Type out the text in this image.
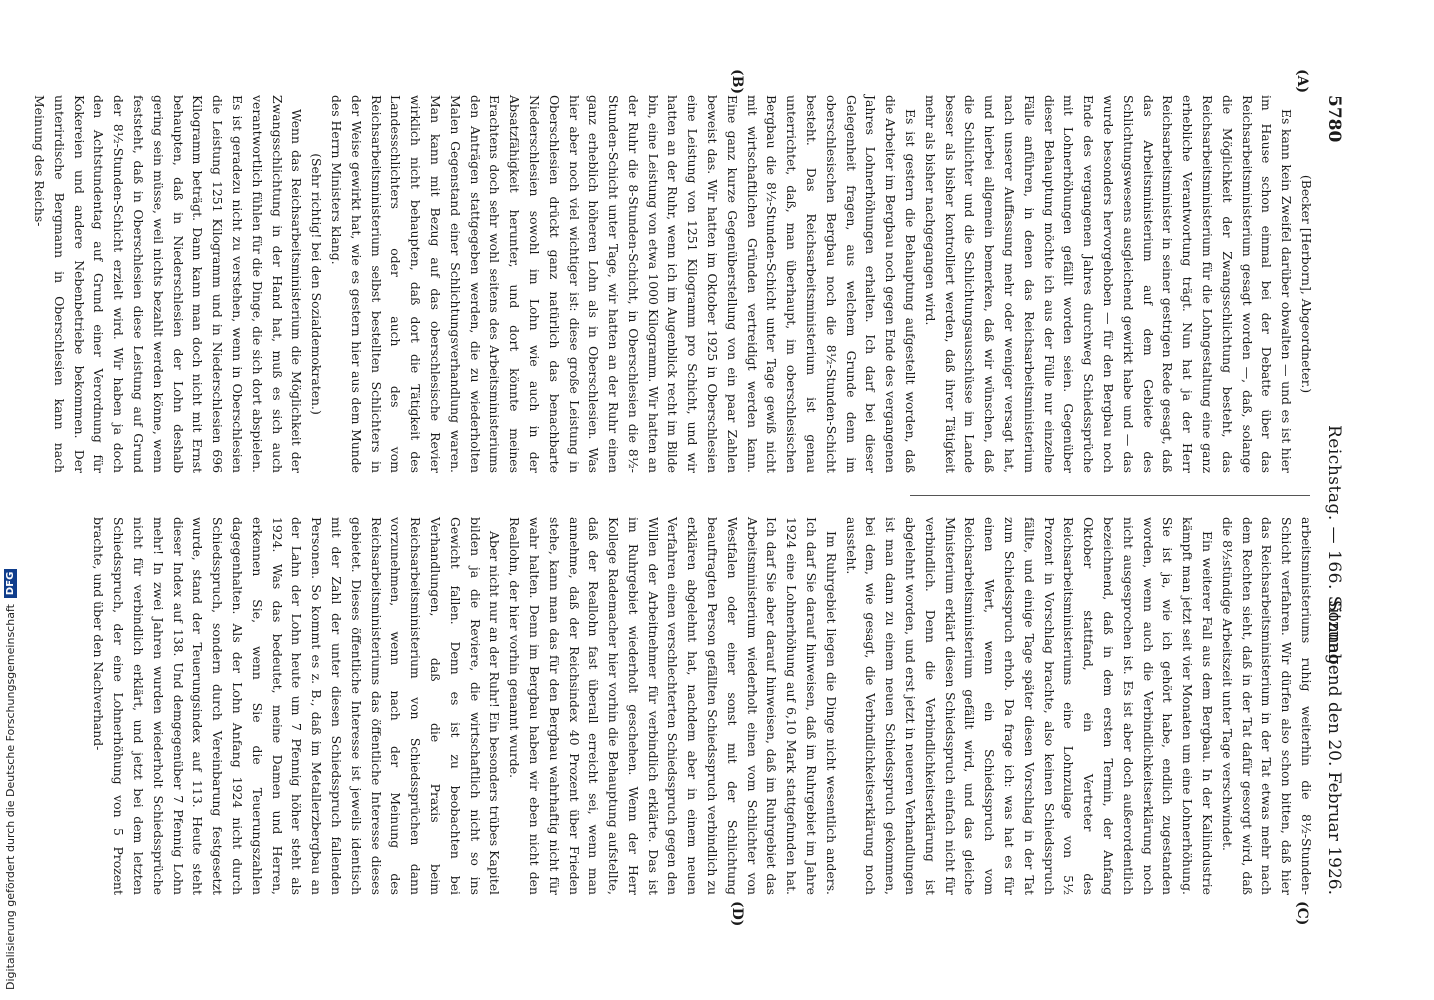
5780
Reichstag. — 166. Sitzung.
Sonnabend den 20. Februar 1926.
(A)
(B)
(C)
(D)

(Becker [Herborn], Abgeordneter.)

Es kann kein Zweifel darüber obwalten — und es ist hier im Hause schon einmal bei der Debatte über das Reichsarbeitsministerium gesagt worden —, daß, solange die Möglichkeit der Zwangsschlichtung besteht, das Reichsarbeitsministerium für die Lohngestaltung eine ganz erhebliche Verantwortung trägt. Nun hat ja der Herr Reichsarbeitsminister in seiner gestrigen Rede gesagt, daß das Arbeitsministerium auf dem Gebiete des Schlichtungswesens ausgleichend gewirkt habe und — das wurde besonders hervorgehoben — für den Bergbau noch Ende des vergangenen Jahres durchweg Schiedssprüche mit Lohnerhöhungen gefällt worden seien. Gegenüber dieser Behauptung möchte ich aus der Fülle nur einzelne Fälle anführen, in denen das Reichsarbeitsministerium nach unserer Auffassung mehr oder weniger versagt hat, und hierbei allgemein bemerken, daß wir wünschen, daß die Schlichter und die Schlichtungsausschüsse im Lande besser als bisher kontrolliert werden, daß ihrer Tätigkeit mehr als bisher nachgegangen wird.

Es ist gestern die Behauptung aufgestellt worden, daß die Arbeiter im Bergbau noch gegen Ende des vergangenen Jahres Lohnerhöhungen erhalten. Ich darf bei dieser Gelegenheit fragen, aus welchem Grunde denn im oberschlesischen Bergbau noch die 8½-Stunden-Schicht besteht. Das Reichsarbeitsministerium ist genau unterrichtet, daß, man überhaupt, im oberschlesischen Bergbau die 8½-Stunden-Schicht unter Tage gewiß nicht mit wirtschaftlichen Gründen vertreidigt werden kann. Eine ganz kurze Gegenüberstellung von ein paar Zahlen beweist das. Wir hatten im Oktober 1925 in Oberschlesien eine Leistung von 1251 Kilogramm pro Schicht, und wir hatten an der Ruhr, wenn ich im Augenblick recht im Bilde bin, eine Leistung von etwa 1000 Kilogramm. Wir hatten an der Ruhr die 8-Stunden-Schicht, in Oberschlesien die 8½-Stunden-Schicht unter Tage, wir hatten an der Ruhr einen ganz erheblich höheren Lohn als in Oberschlesien. Was hier aber noch viel wichtiger ist: diese große Leistung in Oberschlesien drückt ganz natürlich das benachbarte Niederschlesien sowohl im Lohn wie auch in der Absatzfähigkeit herunter, und dort könnte meines Erachtens doch sehr wohl seitens des Arbeitsministeriums den Anträgen stattgegeben werden, die zu wiederholten Malen Gegenstand einer Schlichtungsverhandlung waren. Man kann mit Bezug auf das oberschlesische Revier wirklich nicht behaupten, daß dort die Tätigkeit des Landesschlichters oder auch des vom Reichsarbeitsministerium selbst bestellten Schlichters in der Weise gewirkt hat, wie es gestern hier aus dem Munde des Herrn Ministers klang.

(Sehr richtig! bei den Sozialdemokraten.)

Wenn das Reichsarbeitsministerium die Möglichkeit der Zwangsschlichtung in der Hand hat, muß es sich auch verantwortlich fühlen für die Dinge, die sich dort abspielen. Es ist geradezu nicht zu verstehen, wenn in Oberschlesien die Leistung 1251 Kilogramm und in Niederschlesien 696 Kilogramm beträgt. Dann kann man doch nicht mit Ernst behaupten, daß in Niederschlesien der Lohn deshalb gering sein müsse, weil nichts bezahlt werden könne, wenn feststeht, daß in Oberschlesien diese Leistung auf Grund der 8½-Stunden-Schicht erzielt wird. Wir haben ja doch den Achtstundentag auf Grund einer Verordnung für Kokereien und andere Nebenbetriebe bekommen. Der unterirdische Bergmann in Oberschlesien kann nach Meinung des Reichs-

arbeitsministeriums ruhig weiterhin die 8½-Stunden-Schicht verfahren. Wir dürfen also schon bitten, daß hier das Reichsarbeitsministerium in der Tat etwas mehr nach dem Rechten sieht, daß in der Tat dafür gesorgt wird, daß die 8½stündige Arbeitszeit unter Tage verschwindet.

Ein weiterer Fall aus dem Bergbau. In der Kaliindustrie kämpft man jetzt seit vier Monaten um eine Lohnerhöhung. Sie ist ja, wie ich gehört habe, endlich zugestanden worden, wenn auch die Verbindlichkeitserklärung noch nicht ausgesprochen ist. Es ist aber doch außerordentlich bezeichnend, daß in dem ersten Termin, der Anfang Oktober stattfand, ein Vertreter des Reichsarbeitsministeriums eine Lohnzulage von 5½ Prozent in Vorschlag brachte, also keinen Schiedsspruch fällte, und einige Tage später diesen Vorschlag in der Tat zum Schiedsspruch erhob. Da frage ich: was hat es für einen Wert, wenn ein Schiedsspruch vom Reichsarbeitsministerium gefällt wird, und das gleiche Ministerium erklärt diesen Schiedsspruch einfach nicht für verbindlich. Denn die Verbindlichkeitserklärung ist abgelehnt worden, und erst jetzt in neueren Verhandlungen ist man dann zu einem neuen Schiedsspruch gekommen, bei dem, wie gesagt, die Verbindlichkeitserklärung noch aussteht.

Im Ruhrgebiet liegen die Dinge nicht wesentlich anders. Ich darf Sie darauf hinweisen, daß im Ruhrgebiet im Jahre 1924 eine Lohnerhöhung auf 6,10 Mark stattgefunden hat. Ich darf Sie aber darauf hinweisen, daß im Ruhrgebiet das Arbeitsministerium wiederholt einen vom Schlichter von Westfalen oder einer sonst mit der Schlichtung beauftragten Person gefällten Schiedsspruch verbindlich zu erklären abgelehnt hat, nachdem aber in einem neuen Verfahren einen verschlechterten Schiedsspruch gegen den Willen der Arbeitnehmer für verbindlich erklärte. Das ist im Ruhrgebiet wiederholt geschehen. Wenn der Herr Kollege Rademacher hier vorhin die Behauptung aufstellte, daß der Reallohn fast überall erreicht sei, wenn man annehme, daß der Reichsindex 40 Prozent über Frieden stehe, kann man das für den Bergbau wahrhaftig nicht für wahr halten. Denn im Bergbau haben wir eben nicht den Reallohn, der hier vorhin genannt wurde.

Aber nicht nur an der Ruhr! Ein besonders trübes Kapitel bilden ja die Reviere, die wirtschaftlich nicht so ins Gewicht fallen. Denn es ist zu beobachten bei Verhandlungen, daß die Praxis beim Reichsarbeitsministerium von Schiedssprüchen dann vorzunehmen, wenn nach der Meinung des Reichsarbeitsministeriums das öffentliche Interesse dieses gebietet. Dieses öffentliche Interesse ist jeweils identisch mit der Zahl der unter diesen Schiedsspruch fallenden Personen. So kommt es z. B., daß im Metallerzbergbau an der Lahn der Lohn heute um 7 Pfennig höher steht als 1924. Was das bedeutet, meine Damen und Herren, erkennen Sie, wenn Sie die Teuerungszahlen dagegenhalten. Als der Lohn Anfang 1924 nicht durch Schiedsspruch, sondern durch Vereinbarung festgesetzt wurde, stand der Teuerungsindex auf 113. Heute steht dieser Index auf 138. Und demgegenüber 7 Pfennig Lohn mehr! In zwei Jahren wurden wiederholt Schiedssprüche nicht für verbindlich erklärt, und jetzt bei dem letzten Schiedsspruch, der eine Lohnerhöhung von 5 Prozent brachte, und über den Nachverhand-

Digitalisierung gefördert durch die Deutsche Forschungsgemeinschaft
DFG
